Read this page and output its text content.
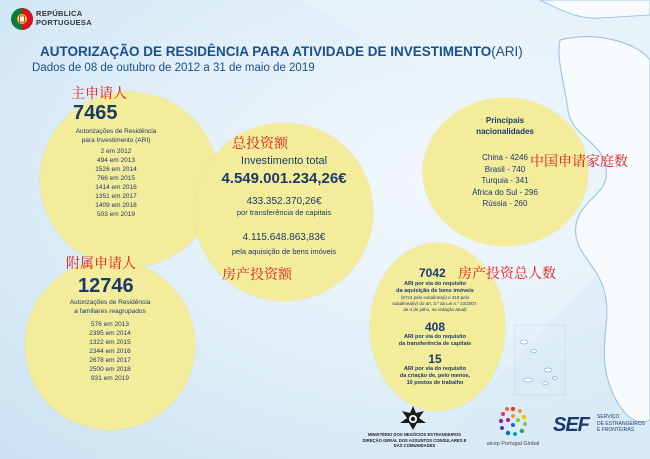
REPÚBLICA
PORTUGUESA
AUTORIZAÇÃO DE RESIDÊNCIA PARA ATIVIDADE DE INVESTIMENTO(ARI)
Dados de 08 de outubro de 2012 a 31 de maio de 2019
主申请人
7465
Autorizações de Residência
para Investimento (ARI)
2 em 2012
494 em 2013
1526 em 2014
766 em 2015
1414 em 2016
1351 em 2017
1409 em 2018
503 em 2019
总投资额
Investimento total
4.549.001.234,26€
433.352.370,26€
por transferência de capitais
4.115.648.863,83€
pela aquisição de bens imóveis
房产投资额
Principais
nacionalidades
China - 4246
Brasil - 740
Turquia - 341
África do Sul - 296
Rússia - 260
中国申请家庭数
附属申请人
12746
Autorizações de Residência
a familiares reagrupados
576 em 2013
2395 em 2014
1322 em 2015
2344 em 2016
2678 em 2017
2500 em 2018
931 em 2019
房产投资总人数
7042
ARI por via do requisito
da aquisição de bens imóveis
(6724 pelo subalínea(i) e 318 pelo
subalínea(iv) do art. 3.º da Lei n.º 23/2007,
de 4 de julho, na redação atual)
408
ARI por via do requisito
da transferência de capitais
15
ARI por via do requisito
da criação de, pelo menos,
10 postos de trabalho
MINISTÉRIO DOS NEGÓCIOS ESTRANGEIROS
DIREÇÃO GERAL DOS ASSUNTOS CONSULARES E
DAS COMUNIDADES	aicep Portugal Global
SEF SERVIÇO
DE ESTRANGEIROS
E FRONTEIRAS
